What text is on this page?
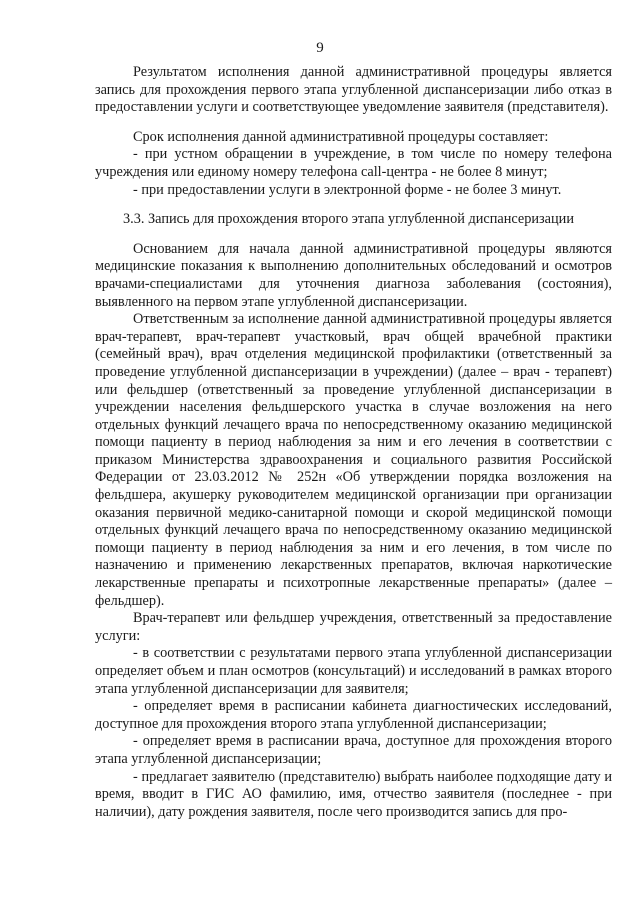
9

Результатом исполнения данной административной процедуры является запись для прохождения первого этапа углубленной диспансеризации либо отказ в предоставлении услуги и соответствующее уведомление заявителя (представителя).

Срок исполнения данной административной процедуры составляет:

- при устном обращении в учреждение, в том числе по номеру телефона учреждения или единому номеру телефона call-центра - не более 8 минут;

- при предоставлении услуги в электронной форме - не более 3 минут.

3.3. Запись для прохождения второго этапа углубленной диспансеризации

Основанием для начала данной административной процедуры являются медицинские показания к выполнению дополнительных обследований и осмотров врачами-специалистами для уточнения диагноза заболевания (состояния), выявленного на первом этапе углубленной диспансеризации.

Ответственным за исполнение данной административной процедуры является врач-терапевт, врач-терапевт участковый, врач общей врачебной практики (семейный врач), врач отделения медицинской профилактики (ответственный за проведение углубленной диспансеризации в учреждении) (далее – врач - терапевт) или фельдшер (ответственный за проведение углубленной диспансеризации в учреждении населения фельдшерского участка в случае возложения на него отдельных функций лечащего врача по непосредственному оказанию медицинской помощи пациенту в период наблюдения за ним и его лечения в соответствии с приказом Министерства здравоохранения и социального развития Российской Федерации от 23.03.2012 № 252н «Об утверждении порядка возложения на фельдшера, акушерку руководителем медицинской организации при организации оказания первичной медико-санитарной помощи и скорой медицинской помощи отдельных функций лечащего врача по непосредственному оказанию медицинской помощи пациенту в период наблюдения за ним и его лечения, в том числе по назначению и применению лекарственных препаратов, включая наркотические лекарственные препараты и психотропные лекарственные препараты» (далее – фельдшер).

Врач-терапевт или фельдшер учреждения, ответственный за предоставление услуги:

- в соответствии с результатами первого этапа углубленной диспансеризации определяет объем и план осмотров (консультаций) и исследований в рамках второго этапа углубленной диспансеризации для заявителя;

- определяет время в расписании кабинета диагностических исследований, доступное для прохождения второго этапа углубленной диспансеризации;

- определяет время в расписании врача, доступное для прохождения второго этапа углубленной диспансеризации;

- предлагает заявителю (представителю) выбрать наиболее подходящие дату и время, вводит в ГИС АО фамилию, имя, отчество заявителя (последнее - при наличии), дату рождения заявителя, после чего производится запись для про-
